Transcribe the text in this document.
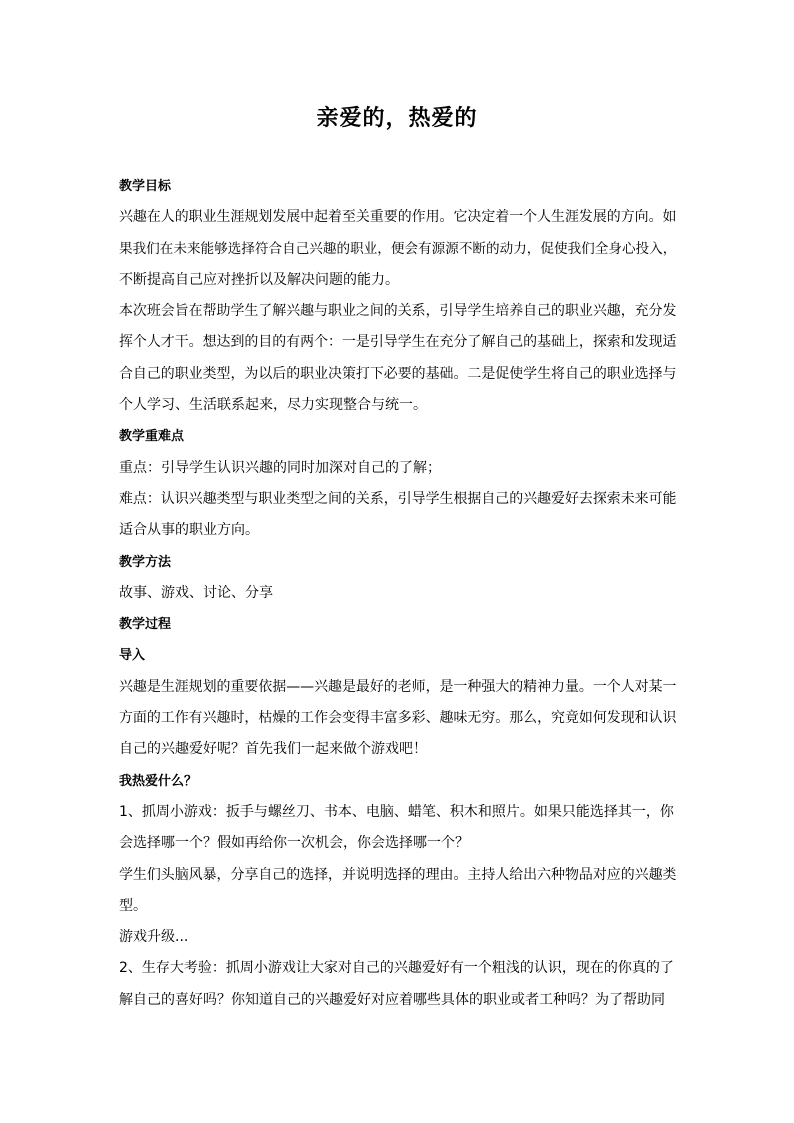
亲爱的，热爱的
教学目标
兴趣在人的职业生涯规划发展中起着至关重要的作用。它决定着一个人生涯发展的方向。如
果我们在未来能够选择符合自己兴趣的职业，便会有源源不断的动力，促使我们全身心投入，
不断提高自己应对挫折以及解决问题的能力。
本次班会旨在帮助学生了解兴趣与职业之间的关系，引导学生培养自己的职业兴趣，充分发
挥个人才干。想达到的目的有两个：一是引导学生在充分了解自己的基础上，探索和发现适
合自己的职业类型，为以后的职业决策打下必要的基础。二是促使学生将自己的职业选择与
个人学习、生活联系起来，尽力实现整合与统一。
教学重难点
重点：引导学生认识兴趣的同时加深对自己的了解；
难点：认识兴趣类型与职业类型之间的关系，引导学生根据自己的兴趣爱好去探索未来可能
适合从事的职业方向。
教学方法
故事、游戏、讨论、分享
教学过程
导入
兴趣是生涯规划的重要依据——兴趣是最好的老师，是一种强大的精神力量。一个人对某一
方面的工作有兴趣时，枯燥的工作会变得丰富多彩、趣味无穷。那么，究竟如何发现和认识
自己的兴趣爱好呢？首先我们一起来做个游戏吧！
我热爱什么？
1、抓周小游戏：扳手与螺丝刀、书本、电脑、蜡笔、积木和照片。如果只能选择其一，你
会选择哪一个？假如再给你一次机会，你会选择哪一个？
学生们头脑风暴，分享自己的选择，并说明选择的理由。主持人给出六种物品对应的兴趣类
型。
游戏升级...
2、生存大考验：抓周小游戏让大家对自己的兴趣爱好有一个粗浅的认识，现在的你真的了
解自己的喜好吗？你知道自己的兴趣爱好对应着哪些具体的职业或者工种吗？为了帮助同
